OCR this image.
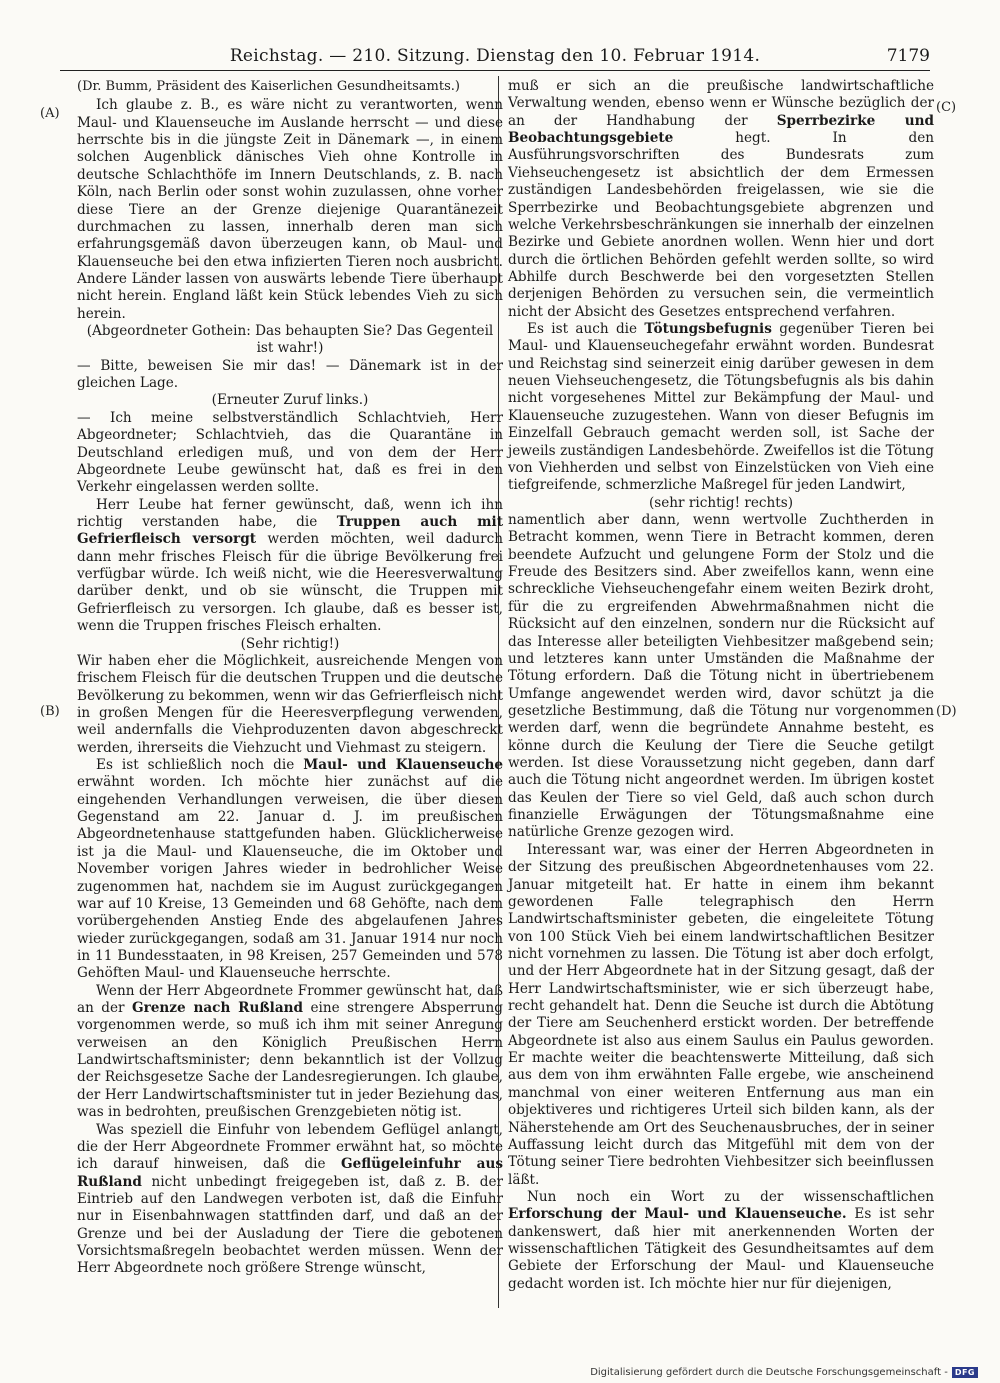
Reichstag. — 210. Sitzung. Dienstag den 10. Februar 1914.	7179
(A)
(B)
(C)
(D)

(Dr. Bumm, Präsident des Kaiserlichen Gesundheitsamts.)

Ich glaube z. B., es wäre nicht zu verantworten, wenn Maul- und Klauenseuche im Auslande herrscht — und diese herrschte bis in die jüngste Zeit in Dänemark —, in einem solchen Augenblick dänisches Vieh ohne Kontrolle in deutsche Schlachthöfe im Innern Deutschlands, z. B. nach Köln, nach Berlin oder sonst wohin zuzulassen, ohne vorher diese Tiere an der Grenze diejenige Quarantänezeit durchmachen zu lassen, innerhalb deren man sich erfahrungsgemäß davon überzeugen kann, ob Maul- und Klauenseuche bei den etwa infizierten Tieren noch ausbricht. Andere Länder lassen von auswärts lebende Tiere überhaupt nicht herein. England läßt kein Stück lebendes Vieh zu sich herein.

(Abgeordneter Gothein: Das behaupten Sie? Das Gegenteil ist wahr!)

— Bitte, beweisen Sie mir das! — Dänemark ist in der gleichen Lage.

(Erneuter Zuruf links.)

— Ich meine selbstverständlich Schlachtvieh, Herr Abgeordneter; Schlachtvieh, das die Quarantäne in Deutschland erledigen muß, und von dem der Herr Abgeordnete Leube gewünscht hat, daß es frei in den Verkehr eingelassen werden sollte.

Herr Leube hat ferner gewünscht, daß, wenn ich ihn richtig verstanden habe, die Truppen auch mit Gefrierfleisch versorgt werden möchten, weil dadurch dann mehr frisches Fleisch für die übrige Bevölkerung frei verfügbar würde. Ich weiß nicht, wie die Heeresverwaltung darüber denkt, und ob sie wünscht, die Truppen mit Gefrierfleisch zu versorgen. Ich glaube, daß es besser ist, wenn die Truppen frisches Fleisch erhalten.

(Sehr richtig!)

Wir haben eher die Möglichkeit, ausreichende Mengen von frischem Fleisch für die deutschen Truppen und die deutsche Bevölkerung zu bekommen, wenn wir das Gefrierfleisch nicht in großen Mengen für die Heeresverpflegung verwenden, weil andernfalls die Viehproduzenten davon abgeschreckt werden, ihrerseits die Viehzucht und Viehmast zu steigern.

Es ist schließlich noch die Maul- und Klauenseuche erwähnt worden. Ich möchte hier zunächst auf die eingehenden Verhandlungen verweisen, die über diesen Gegenstand am 22. Januar d. J. im preußischen Abgeordnetenhause stattgefunden haben. Glücklicherweise ist ja die Maul- und Klauenseuche, die im Oktober und November vorigen Jahres wieder in bedrohlicher Weise zugenommen hat, nachdem sie im August zurückgegangen war auf 10 Kreise, 13 Gemeinden und 68 Gehöfte, nach dem vorübergehenden Anstieg Ende des abgelaufenen Jahres wieder zurückgegangen, sodaß am 31. Januar 1914 nur noch in 11 Bundesstaaten, in 98 Kreisen, 257 Gemeinden und 578 Gehöften Maul- und Klauenseuche herrschte.

Wenn der Herr Abgeordnete Frommer gewünscht hat, daß an der Grenze nach Rußland eine strengere Absperrung vorgenommen werde, so muß ich ihm mit seiner Anregung verweisen an den Königlich Preußischen Herrn Landwirtschaftsminister; denn bekanntlich ist der Vollzug der Reichsgesetze Sache der Landesregierungen. Ich glaube, der Herr Landwirtschaftsminister tut in jeder Beziehung das, was in bedrohten, preußischen Grenzgebieten nötig ist.

Was speziell die Einfuhr von lebendem Geflügel anlangt, die der Herr Abgeordnete Frommer erwähnt hat, so möchte ich darauf hinweisen, daß die Geflügeleinfuhr aus Rußland nicht unbedingt freigegeben ist, daß z. B. der Eintrieb auf den Landwegen verboten ist, daß die Einfuhr nur in Eisenbahnwagen stattfinden darf, und daß an der Grenze und bei der Ausladung der Tiere die gebotenen Vorsichtsmaßregeln beobachtet werden müssen. Wenn der Herr Abgeordnete noch größere Strenge wünscht,

muß er sich an die preußische landwirtschaftliche Verwaltung wenden, ebenso wenn er Wünsche bezüglich der an der Handhabung der Sperrbezirke und Beobachtungsgebiete hegt. In den Ausführungsvorschriften des Bundesrats zum Viehseuchengesetz ist absichtlich der dem Ermessen zuständigen Landesbehörden freigelassen, wie sie die Sperrbezirke und Beobachtungsgebiete abgrenzen und welche Verkehrsbeschränkungen sie innerhalb der einzelnen Bezirke und Gebiete anordnen wollen. Wenn hier und dort durch die örtlichen Behörden gefehlt werden sollte, so wird Abhilfe durch Beschwerde bei den vorgesetzten Stellen derjenigen Behörden zu versuchen sein, die vermeintlich nicht der Absicht des Gesetzes entsprechend verfahren.

Es ist auch die Tötungsbefugnis gegenüber Tieren bei Maul- und Klauenseuchegefahr erwähnt worden. Bundesrat und Reichstag sind seinerzeit einig darüber gewesen in dem neuen Viehseuchengesetz, die Tötungsbefugnis als bis dahin nicht vorgesehenes Mittel zur Bekämpfung der Maul- und Klauenseuche zuzugestehen. Wann von dieser Befugnis im Einzelfall Gebrauch gemacht werden soll, ist Sache der jeweils zuständigen Landesbehörde. Zweifellos ist die Tötung von Viehherden und selbst von Einzelstücken von Vieh eine tiefgreifende, schmerzliche Maßregel für jeden Landwirt,

(sehr richtig! rechts)

namentlich aber dann, wenn wertvolle Zuchtherden in Betracht kommen, wenn Tiere in Betracht kommen, deren beendete Aufzucht und gelungene Form der Stolz und die Freude des Besitzers sind. Aber zweifellos kann, wenn eine schreckliche Viehseuchengefahr einem weiten Bezirk droht, für die zu ergreifenden Abwehrmaßnahmen nicht die Rücksicht auf den einzelnen, sondern nur die Rücksicht auf das Interesse aller beteiligten Viehbesitzer maßgebend sein; und letzteres kann unter Umständen die Maßnahme der Tötung erfordern. Daß die Tötung nicht in übertriebenem Umfange angewendet werden wird, davor schützt ja die gesetzliche Bestimmung, daß die Tötung nur vorgenommen werden darf, wenn die begründete Annahme besteht, es könne durch die Keulung der Tiere die Seuche getilgt werden. Ist diese Voraussetzung nicht gegeben, dann darf auch die Tötung nicht angeordnet werden. Im übrigen kostet das Keulen der Tiere so viel Geld, daß auch schon durch finanzielle Erwägungen der Tötungsmaßnahme eine natürliche Grenze gezogen wird.

Interessant war, was einer der Herren Abgeordneten in der Sitzung des preußischen Abgeordnetenhauses vom 22. Januar mitgeteilt hat. Er hatte in einem ihm bekannt gewordenen Falle telegraphisch den Herrn Landwirtschaftsminister gebeten, die eingeleitete Tötung von 100 Stück Vieh bei einem landwirtschaftlichen Besitzer nicht vornehmen zu lassen. Die Tötung ist aber doch erfolgt, und der Herr Abgeordnete hat in der Sitzung gesagt, daß der Herr Landwirtschaftsminister, wie er sich überzeugt habe, recht gehandelt hat. Denn die Seuche ist durch die Abtötung der Tiere am Seuchenherd erstickt worden. Der betreffende Abgeordnete ist also aus einem Saulus ein Paulus geworden. Er machte weiter die beachtenswerte Mitteilung, daß sich aus dem von ihm erwähnten Falle ergebe, wie anscheinend manchmal von einer weiteren Entfernung aus man ein objektiveres und richtigeres Urteil sich bilden kann, als der Näherstehende am Ort des Seuchenausbruches, der in seiner Auffassung leicht durch das Mitgefühl mit dem von der Tötung seiner Tiere bedrohten Viehbesitzer sich beeinflussen läßt.

Nun noch ein Wort zu der wissenschaftlichen Erforschung der Maul- und Klauenseuche. Es ist sehr dankenswert, daß hier mit anerkennenden Worten der wissenschaftlichen Tätigkeit des Gesundheitsamtes auf dem Gebiete der Erforschung der Maul- und Klauenseuche gedacht worden ist. Ich möchte hier nur für diejenigen,

Digitalisierung gefördert durch die Deutsche Forschungsgemeinschaft - DFG
